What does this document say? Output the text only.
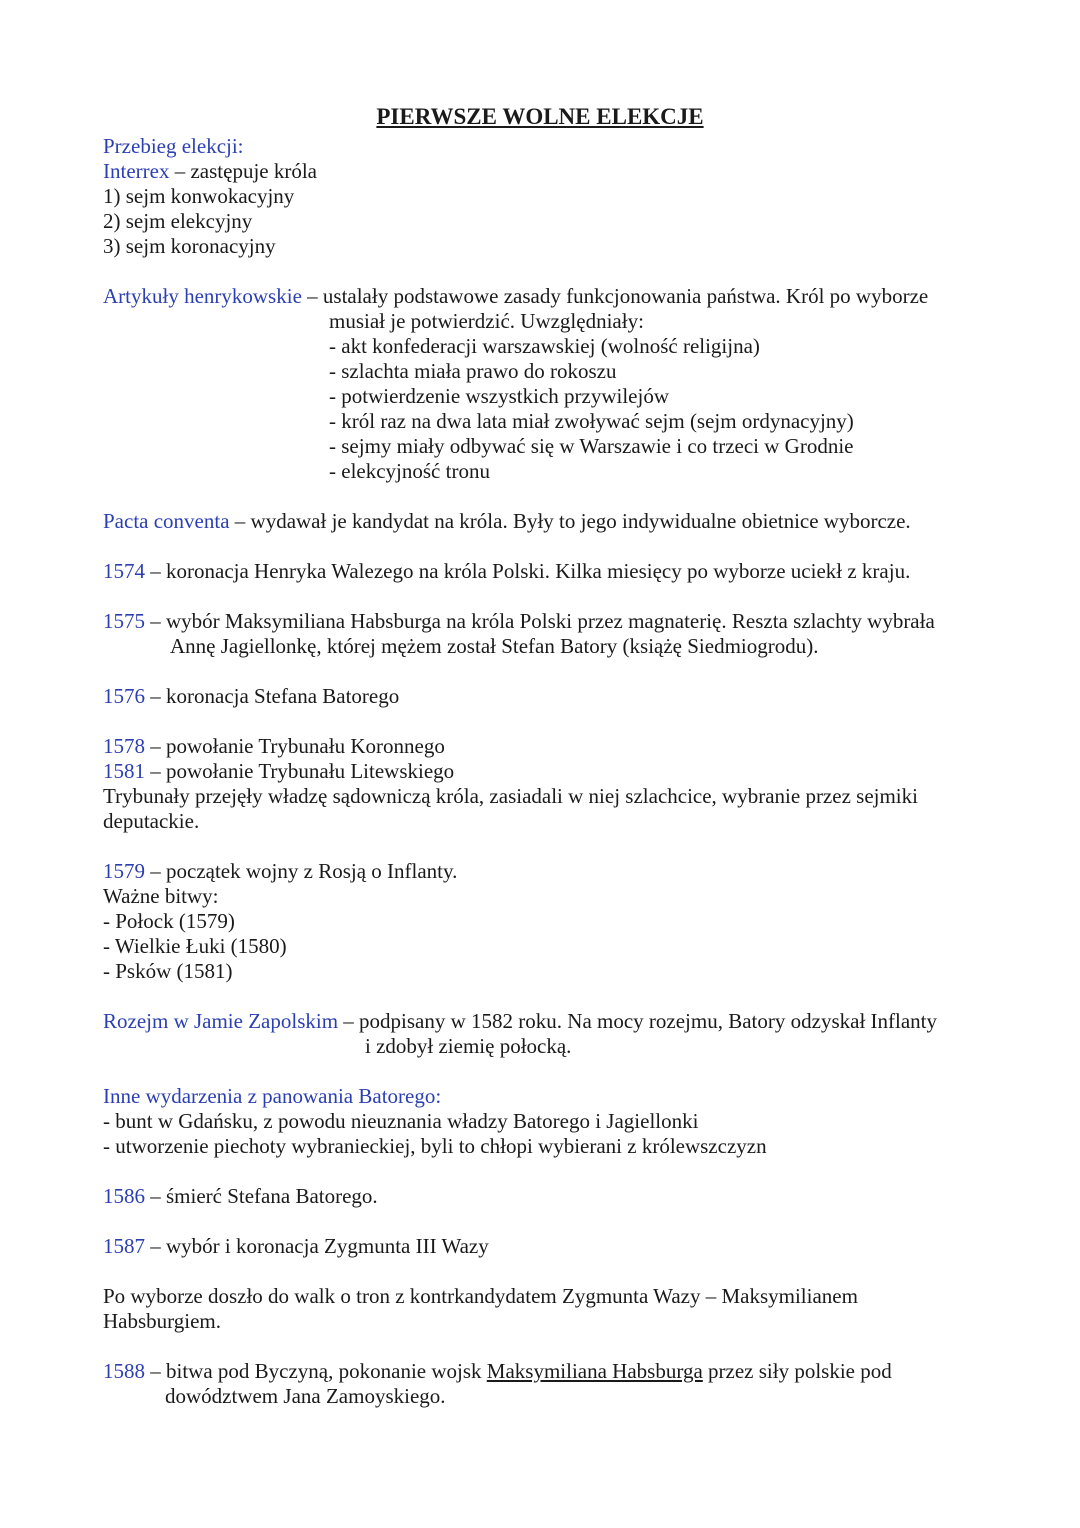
PIERWSZE WOLNE ELEKCJE
Przebieg elekcji:
Interrex – zastępuje króla
1) sejm konwokacyjny
2) sejm elekcyjny
3) sejm koronacyjny
Artykuły henrykowskie – ustalały podstawowe zasady funkcjonowania państwa. Król po wyborze
musiał je potwierdzić. Uwzględniały:
- akt konfederacji warszawskiej (wolność religijna)
- szlachta miała prawo do rokoszu
- potwierdzenie wszystkich przywilejów
- król raz na dwa lata miał zwoływać sejm (sejm ordynacyjny)
- sejmy miały odbywać się w Warszawie i co trzeci w Grodnie
- elekcyjność tronu
Pacta conventa – wydawał je kandydat na króla. Były to jego indywidualne obietnice wyborcze.
1574 – koronacja Henryka Walezego na króla Polski. Kilka miesięcy po wyborze uciekł z kraju.
1575 – wybór Maksymiliana Habsburga na króla Polski przez magnaterię. Reszta szlachty wybrała
Annę Jagiellonkę, której mężem został Stefan Batory (książę Siedmiogrodu).
1576 – koronacja Stefana Batorego
1578 – powołanie Trybunału Koronnego
1581 – powołanie Trybunału Litewskiego
Trybunały przejęły władzę sądowniczą króla, zasiadali w niej szlachcice, wybranie przez sejmiki
deputackie.
1579 – początek wojny z Rosją o Inflanty.
Ważne bitwy:
- Połock (1579)
- Wielkie Łuki (1580)
- Psków (1581)
Rozejm w Jamie Zapolskim – podpisany w 1582 roku. Na mocy rozejmu, Batory odzyskał Inflanty
i zdobył ziemię połocką.
Inne wydarzenia z panowania Batorego:
- bunt w Gdańsku, z powodu nieuznania władzy Batorego i Jagiellonki
- utworzenie piechoty wybranieckiej, byli to chłopi wybierani z królewszczyzn
1586 – śmierć Stefana Batorego.
1587 – wybór i koronacja Zygmunta III Wazy
Po wyborze doszło do walk o tron z kontrkandydatem Zygmunta Wazy – Maksymilianem
Habsburgiem.
1588 – bitwa pod Byczyną, pokonanie wojsk Maksymiliana Habsburga przez siły polskie pod
dowództwem Jana Zamoyskiego.
